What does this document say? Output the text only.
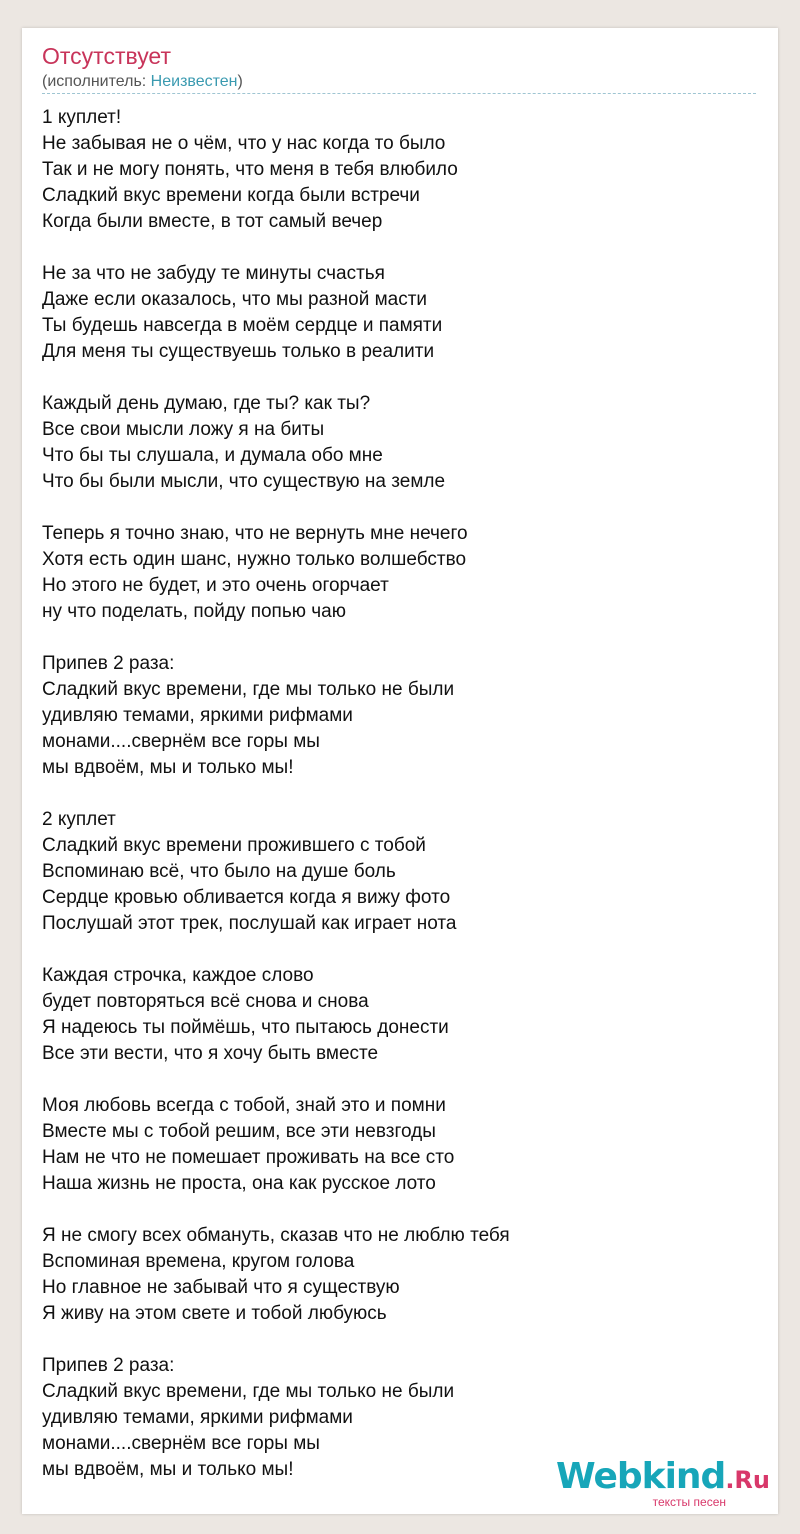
Отсутствует
(исполнитель: Неизвестен)
1 куплет!
Не забывая не о чём, что у нас когда то было
Так и не могу понять, что меня в тебя влюбило
Сладкий вкус времени когда были встречи
Когда были вместе, в тот самый вечер
Не за что не забуду те минуты счастья
Даже если оказалось, что мы разной масти
Ты будешь навсегда в моём сердце и памяти
Для меня ты существуешь только в реалити
Каждый день думаю, где ты? как ты?
Все свои мысли ложу я на биты
Что бы ты слушала, и думала обо мне
Что бы были мысли, что существую на земле
Теперь я точно знаю, что не вернуть мне нечего
Хотя есть один шанс, нужно только волшебство
Но этого не будет, и это очень огорчает
ну что поделать, пойду попью чаю
Припев 2 раза:
Сладкий вкус времени, где мы только не были
удивляю темами, яркими рифмами
монами....свернём все горы мы
мы вдвоём, мы и только мы!
2 куплет
Сладкий вкус времени прожившего с тобой
Вспоминаю всё, что было на душе боль
Сердце кровью обливается когда я вижу фото
Послушай этот трек, послушай как играет нота
Каждая строчка, каждое слово
будет повторяться всё снова и снова
Я надеюсь ты поймёшь, что пытаюсь донести
Все эти вести, что я хочу быть вместе
Моя любовь всегда с тобой, знай это и помни
Вместе мы с тобой решим, все эти невзгоды
Нам не что не помешает проживать на все сто
Наша жизнь не проста, она как русское лото
Я не смогу всех обмануть, сказав что не люблю тебя
Вспоминая времена, кругом голова
Но главное не забывай что я существую
Я живу на этом свете и тобой любуюсь
Припев 2 раза:
Сладкий вкус времени, где мы только не были
удивляю темами, яркими рифмами
монами....свернём все горы мы
мы вдвоём, мы и только мы!	Webkind.Ru
тексты песен
